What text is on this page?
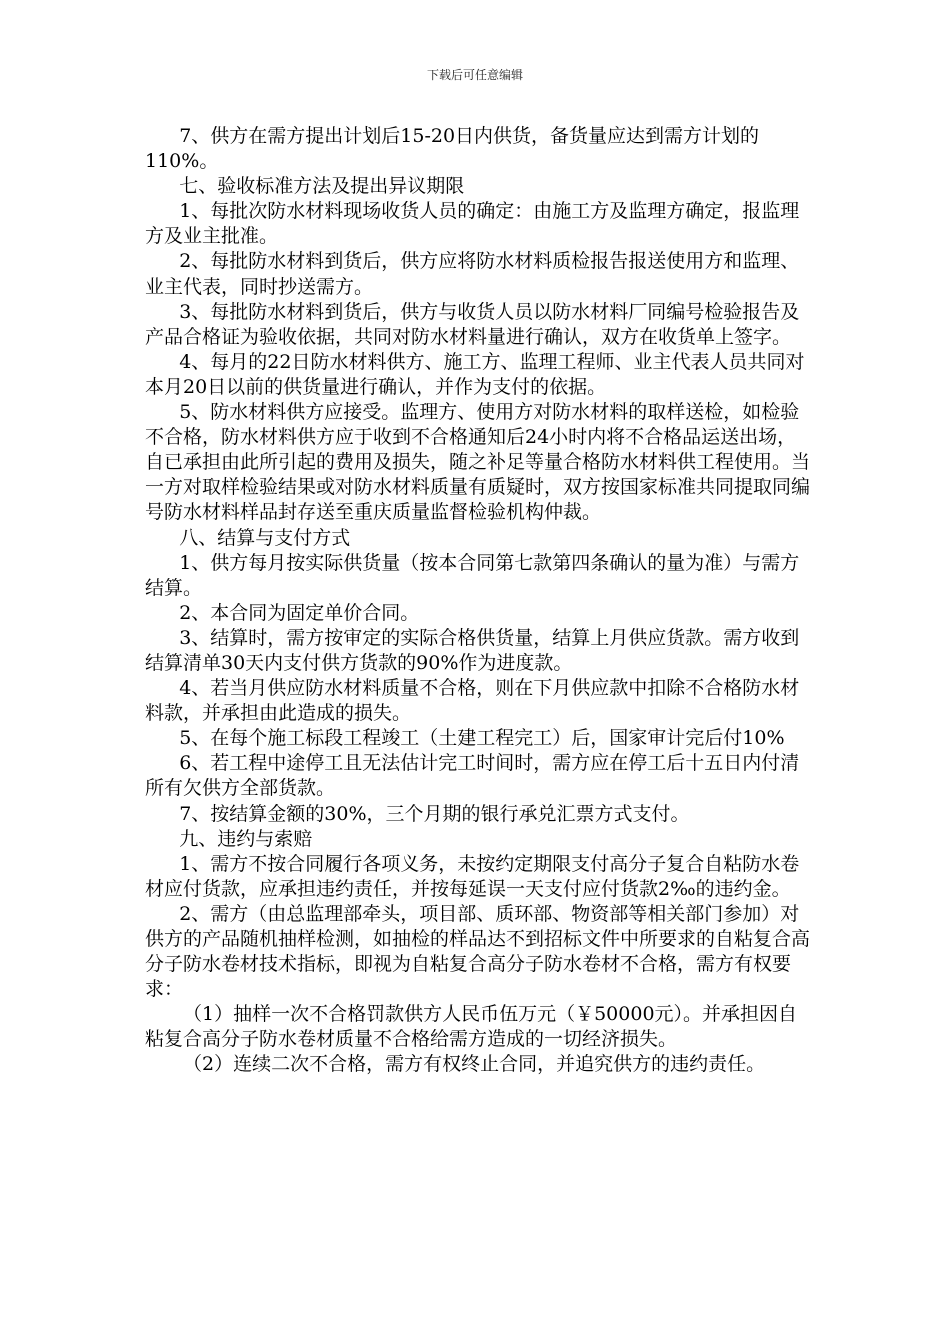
下载后可任意编辑

7、供方在需方提出计划后15-20日内供货，备货量应达到需方计划的110%。

七、验收标准方法及提出异议期限

1、每批次防水材料现场收货人员的确定：由施工方及监理方确定，报监理方及业主批准。

2、每批防水材料到货后，供方应将防水材料质检报告报送使用方和监理、业主代表，同时抄送需方。

3、每批防水材料到货后，供方与收货人员以防水材料厂同编号检验报告及产品合格证为验收依据，共同对防水材料量进行确认，双方在收货单上签字。

4、每月的22日防水材料供方、施工方、监理工程师、业主代表人员共同对本月20日以前的供货量进行确认，并作为支付的依据。

5、防水材料供方应接受。监理方、使用方对防水材料的取样送检，如检验不合格，防水材料供方应于收到不合格通知后24小时内将不合格品运送出场，自已承担由此所引起的费用及损失，随之补足等量合格防水材料供工程使用。当一方对取样检验结果或对防水材料质量有质疑时，双方按国家标准共同提取同编号防水材料样品封存送至重庆质量监督检验机构仲裁。

八、结算与支付方式

1、供方每月按实际供货量（按本合同第七款第四条确认的量为准）与需方结算。

2、本合同为固定单价合同。

3、结算时，需方按审定的实际合格供货量，结算上月供应货款。需方收到结算清单30天内支付供方货款的90%作为进度款。

4、若当月供应防水材料质量不合格，则在下月供应款中扣除不合格防水材料款，并承担由此造成的损失。

5、在每个施工标段工程竣工（土建工程完工）后，国家审计完后付10%

6、若工程中途停工且无法估计完工时间时，需方应在停工后十五日内付清所有欠供方全部货款。

7、按结算金额的30%，三个月期的银行承兑汇票方式支付。

九、违约与索赔

1、需方不按合同履行各项义务，未按约定期限支付高分子复合自粘防水卷材应付货款，应承担违约责任，并按每延误一天支付应付货款2‰的违约金。

2、需方（由总监理部牵头，项目部、质环部、物资部等相关部门参加）对供方的产品随机抽样检测，如抽检的样品达不到招标文件中所要求的自粘复合高分子防水卷材技术指标，即视为自粘复合高分子防水卷材不合格，需方有权要求：

（1）抽样一次不合格罚款供方人民币伍万元（￥50000元）。并承担因自粘复合高分子防水卷材质量不合格给需方造成的一切经济损失。

（2）连续二次不合格，需方有权终止合同，并追究供方的违约责任。
